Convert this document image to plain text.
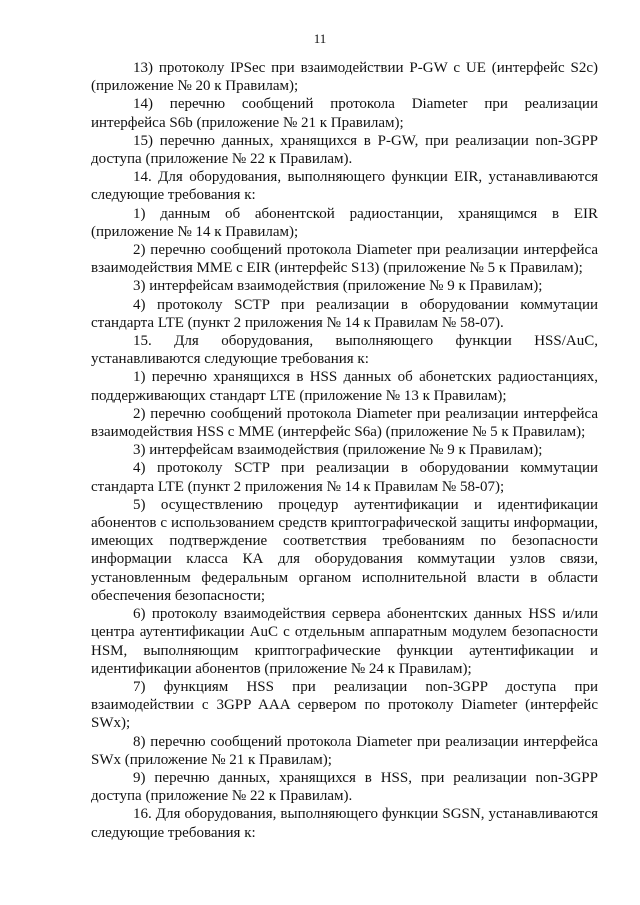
11

13) протоколу IPSec при взаимодействии P-GW с UE (интерфейс S2c) (приложение № 20 к Правилам);

14) перечню сообщений протокола Diameter при реализации интерфейса S6b (приложение № 21 к Правилам);

15) перечню данных, хранящихся в P-GW, при реализации non-3GPP доступа (приложение № 22 к Правилам).

14. Для оборудования, выполняющего функции EIR, устанавливаются следующие требования к:

1) данным об абонентской радиостанции, хранящимся в EIR (приложение № 14 к Правилам);

2) перечню сообщений протокола Diameter при реализации интерфейса взаимодействия MME с EIR (интерфейс S13) (приложение № 5 к Правилам);

3) интерфейсам взаимодействия (приложение № 9 к Правилам);

4) протоколу SCTP при реализации в оборудовании коммутации стандарта LTE (пункт 2 приложения № 14 к Правилам № 58-07).

15. Для оборудования, выполняющего функции HSS/AuC, устанавливаются следующие требования к:

1) перечню хранящихся в HSS данных об абонетских радиостанциях, поддерживающих стандарт LTE (приложение № 13 к Правилам);

2) перечню сообщений протокола Diameter при реализации интерфейса взаимодействия HSS с MME (интерфейс S6a) (приложение № 5 к Правилам);

3) интерфейсам взаимодействия (приложение № 9 к Правилам);

4) протоколу SCTP при реализации в оборудовании коммутации стандарта LTE (пункт 2 приложения № 14 к Правилам № 58-07);

5) осуществлению процедур аутентификации и идентификации абонентов с использованием средств криптографической защиты информации, имеющих подтверждение соответствия требованиям по безопасности информации класса КА для оборудования коммутации узлов связи, установленным федеральным органом исполнительной власти в области обеспечения безопасности;

6) протоколу взаимодействия сервера абонентских данных HSS и/или центра аутентификации AuC с отдельным аппаратным модулем безопасности HSM, выполняющим криптографические функции аутентификации и идентификации абонентов (приложение № 24 к Правилам);

7) функциям HSS при реализации non-3GPP доступа при взаимодействии с 3GPP AAA сервером по протоколу Diameter (интерфейс SWx);

8) перечню сообщений протокола Diameter при реализации интерфейса SWx (приложение № 21 к Правилам);

9) перечню данных, хранящихся в HSS, при реализации non-3GPP доступа (приложение № 22 к Правилам).

16. Для оборудования, выполняющего функции SGSN, устанавливаются следующие требования к:
